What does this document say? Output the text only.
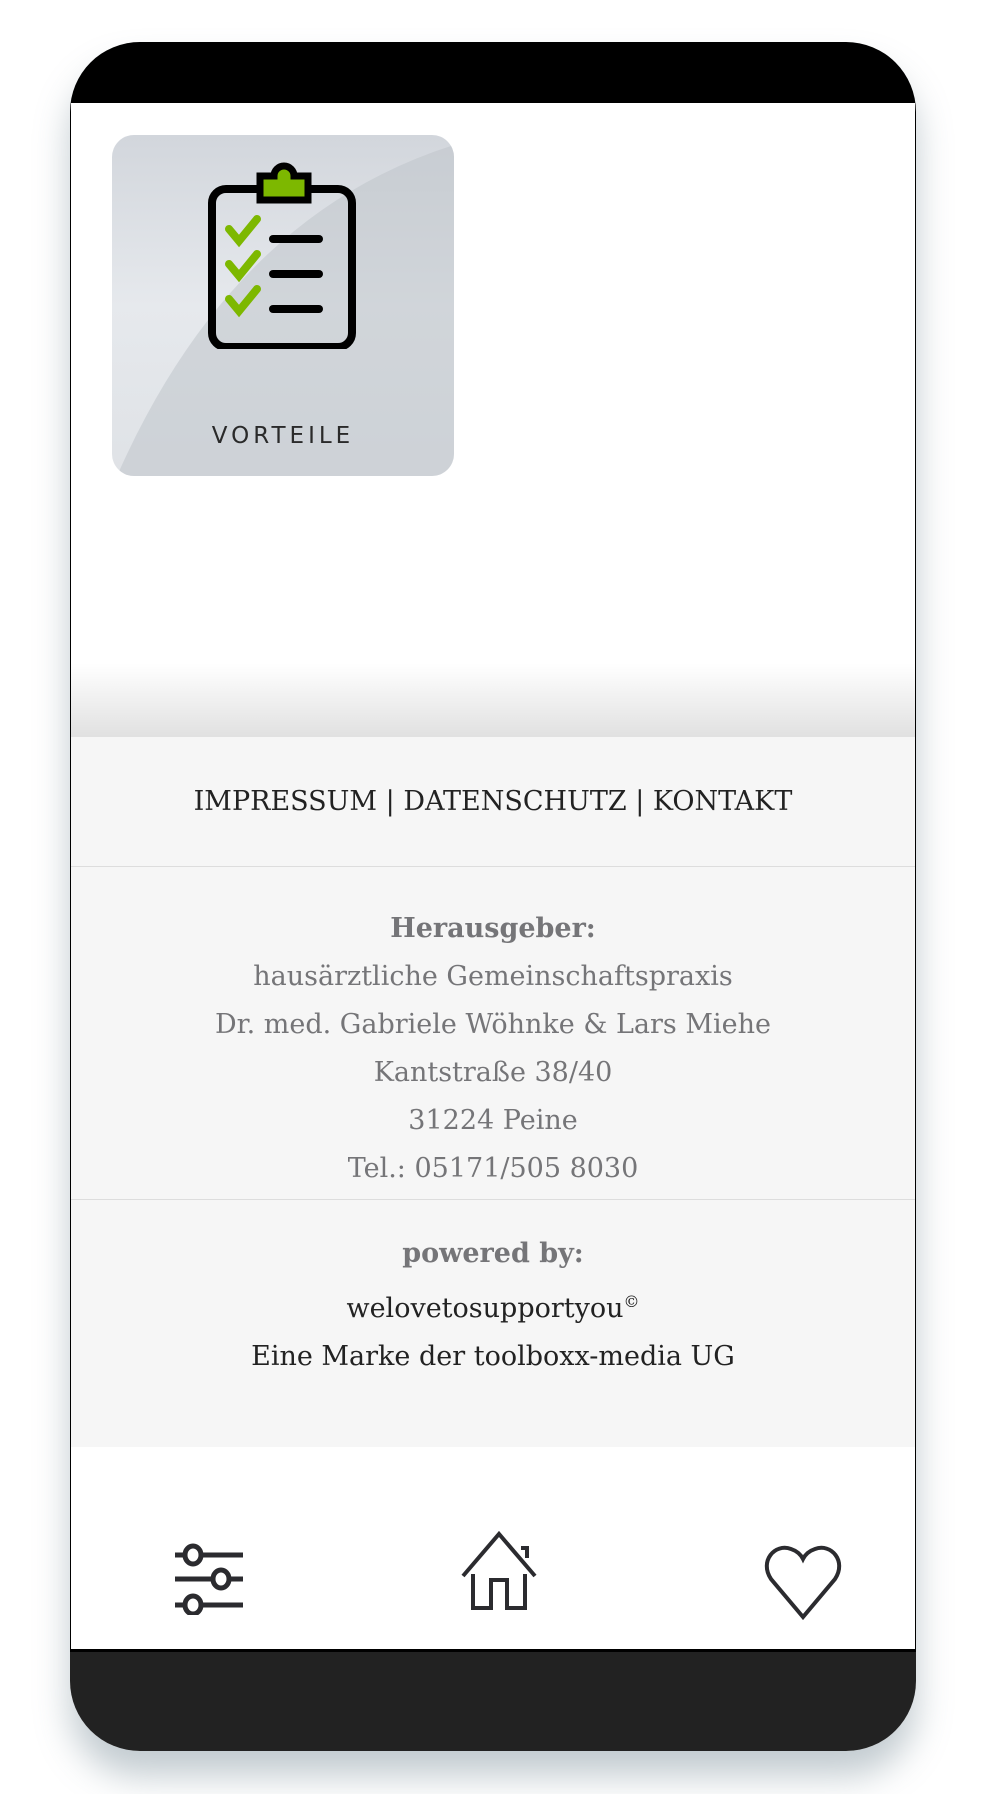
VORTEILE
IMPRESSUM | DATENSCHUTZ | KONTAKT
Herausgeber:
hausärztliche Gemeinschaftspraxis
Dr. med. Gabriele Wöhnke & Lars Miehe
Kantstraße 38/40
31224 Peine
Tel.: 05171/505 8030
powered by:
welovetosupportyou©
Eine Marke der toolboxx-media UG
